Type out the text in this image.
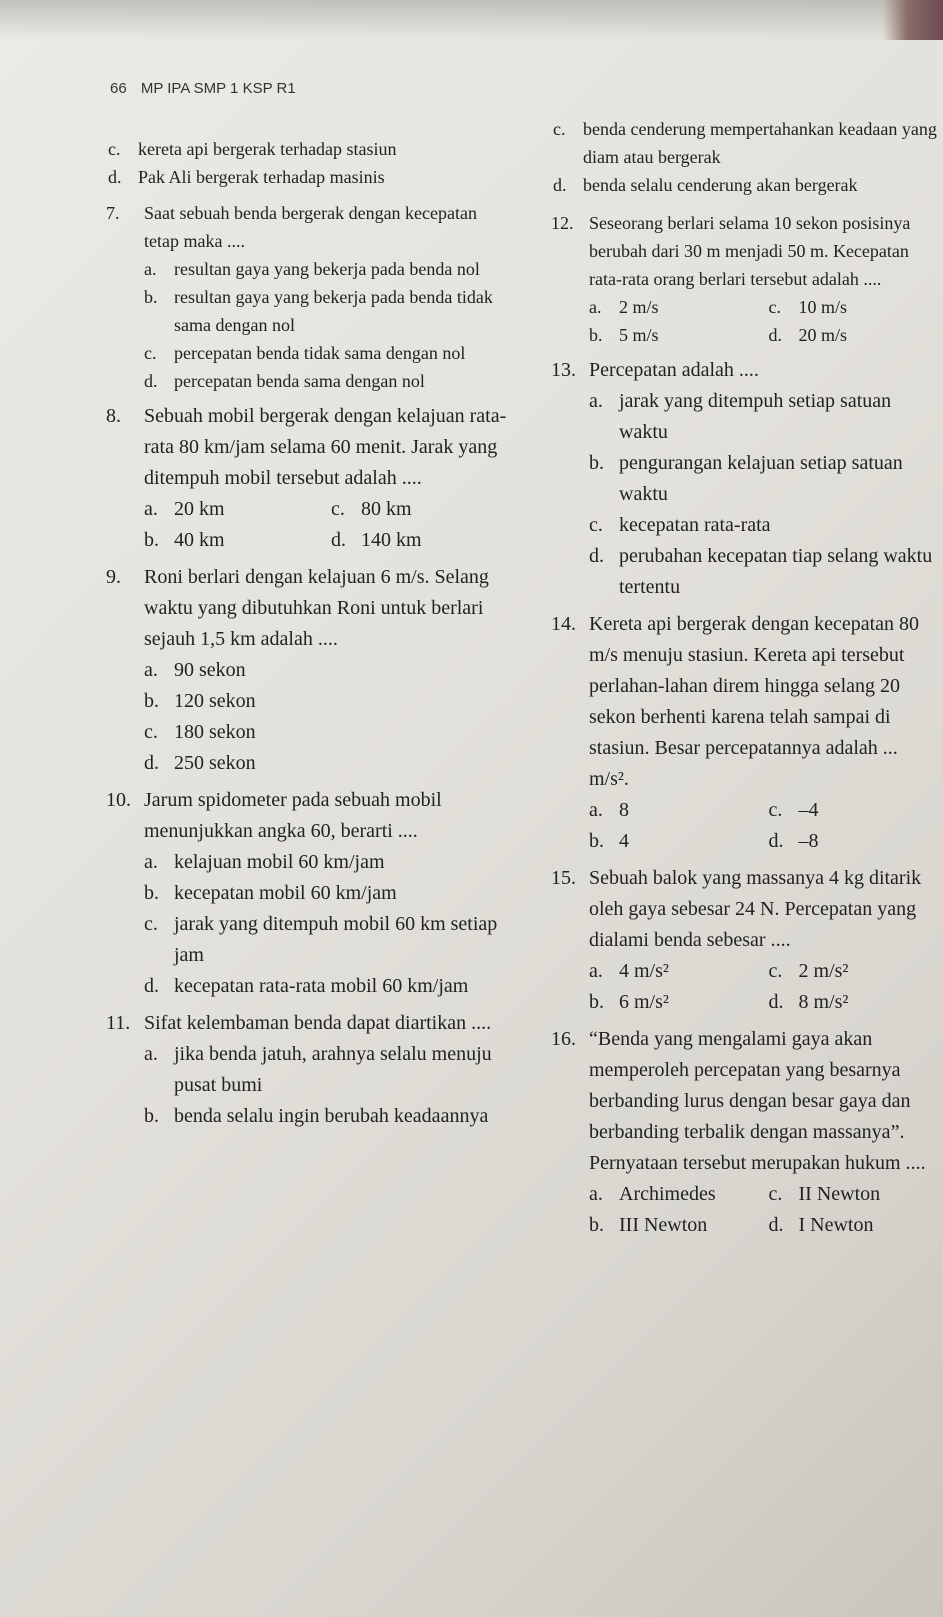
66 MP IPA SMP 1 KSP R1
c. kereta api bergerak terhadap stasiun
d. Pak Ali bergerak terhadap masinis
7. Saat sebuah benda bergerak dengan kecepatan tetap maka ....
a. resultan gaya yang bekerja pada benda nol
b. resultan gaya yang bekerja pada benda tidak sama dengan nol
c. percepatan benda tidak sama dengan nol
d. percepatan benda sama dengan nol
8. Sebuah mobil bergerak dengan kelajuan rata-rata 80 km/jam selama 60 menit. Jarak yang ditempuh mobil tersebut adalah ....
a. 20 km	c. 80 km
b. 40 km	d. 140 km
9. Roni berlari dengan kelajuan 6 m/s. Selang waktu yang dibutuhkan Roni untuk berlari sejauh 1,5 km adalah ....
a. 90 sekon
b. 120 sekon
c. 180 sekon
d. 250 sekon
10. Jarum spidometer pada sebuah mobil menunjukkan angka 60, berarti ....
a. kelajuan mobil 60 km/jam
b. kecepatan mobil 60 km/jam
c. jarak yang ditempuh mobil 60 km setiap jam
d. kecepatan rata-rata mobil 60 km/jam
11. Sifat kelembaman benda dapat diartikan ....
a. jika benda jatuh, arahnya selalu menuju pusat bumi
b. benda selalu ingin berubah keadaannya
c. benda cenderung mempertahankan keadaan yang diam atau bergerak
d. benda selalu cenderung akan bergerak
12. Seseorang berlari selama 10 sekon posisinya berubah dari 30 m menjadi 50 m. Kecepatan rata-rata orang berlari tersebut adalah ....
a. 2 m/s	c. 10 m/s
b. 5 m/s	d. 20 m/s
13. Percepatan adalah ....
a. jarak yang ditempuh setiap satuan waktu
b. pengurangan kelajuan setiap satuan waktu
c. kecepatan rata-rata
d. perubahan kecepatan tiap selang waktu tertentu
14. Kereta api bergerak dengan kecepatan 80 m/s menuju stasiun. Kereta api tersebut perlahan-lahan direm hingga selang 20 sekon berhenti karena telah sampai di stasiun. Besar percepatannya adalah ... m/s².
a. 8	c. –4
b. 4	d. –8
15. Sebuah balok yang massanya 4 kg ditarik oleh gaya sebesar 24 N. Percepatan yang dialami benda sebesar ....
a. 4 m/s²	c. 2 m/s²
b. 6 m/s²	d. 8 m/s²
16. “Benda yang mengalami gaya akan memperoleh percepatan yang besarnya berbanding lurus dengan besar gaya dan berbanding terbalik dengan massanya”. Pernyataan tersebut merupakan hukum ....
a. Archimedes	c. II Newton
b. III Newton	d. I Newton
